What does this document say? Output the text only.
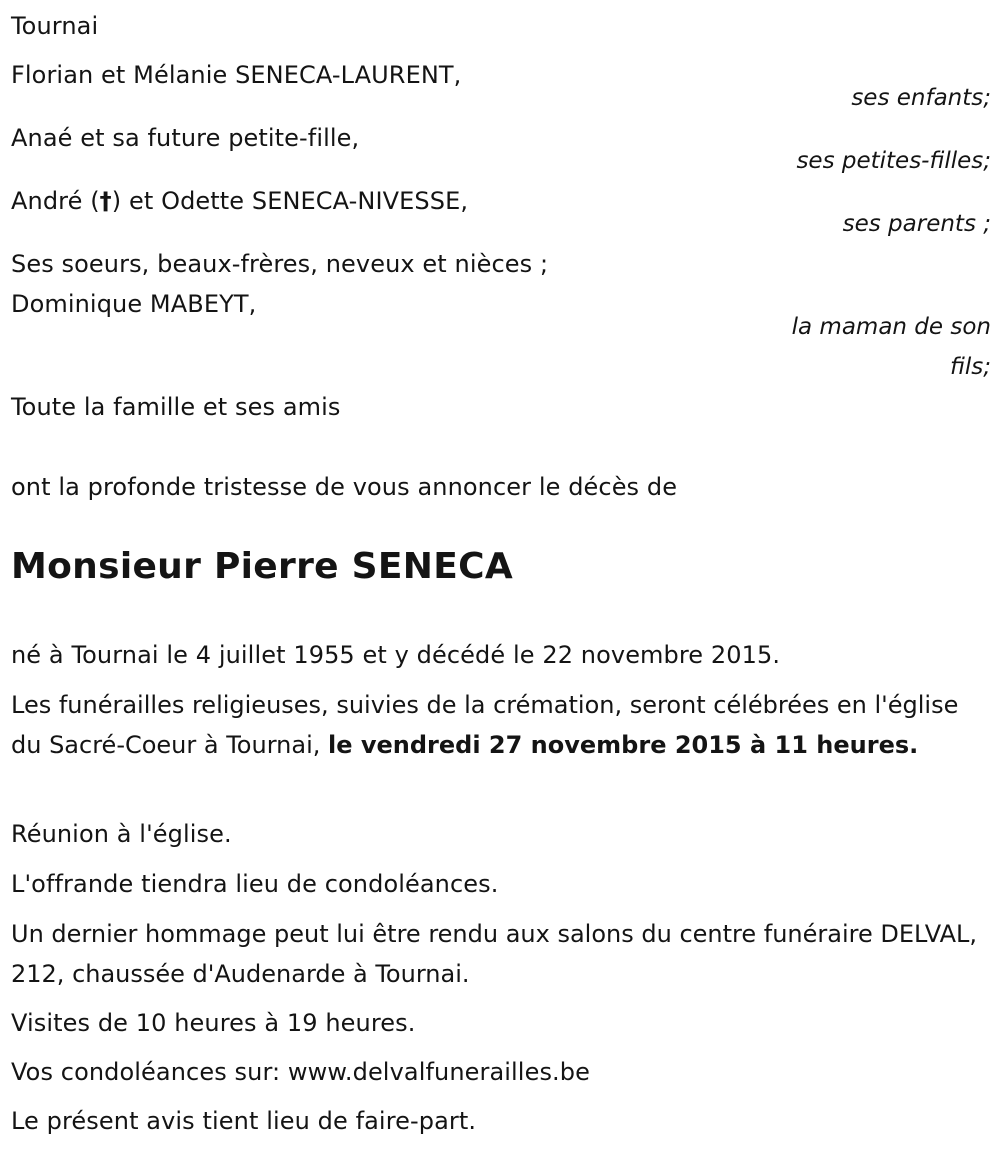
Tournai
Florian et Mélanie SENECA-LAURENT,
ses enfants;
Anaé et sa future petite-fille,
ses petites-filles;
André (†) et Odette SENECA-NIVESSE,
ses parents ;
Ses soeurs, beaux-frères, neveux et nièces ;
Dominique MABEYT,
la maman de son
fils;
Toute la famille et ses amis
ont la profonde tristesse de vous annoncer le décès de
Monsieur Pierre SENECA
né à Tournai le 4 juillet 1955 et y décédé le 22 novembre 2015.
Les funérailles religieuses, suivies de la crémation, seront célébrées en l'église du Sacré-Coeur à Tournai, le vendredi 27 novembre 2015 à 11 heures.
Réunion à l'église.
L'offrande tiendra lieu de condoléances.
Un dernier hommage peut lui être rendu aux salons du centre funéraire DELVAL, 212, chaussée d'Audenarde à Tournai.
Visites de 10 heures à 19 heures.
Vos condoléances sur: www.delvalfunerailles.be
Le présent avis tient lieu de faire-part.
